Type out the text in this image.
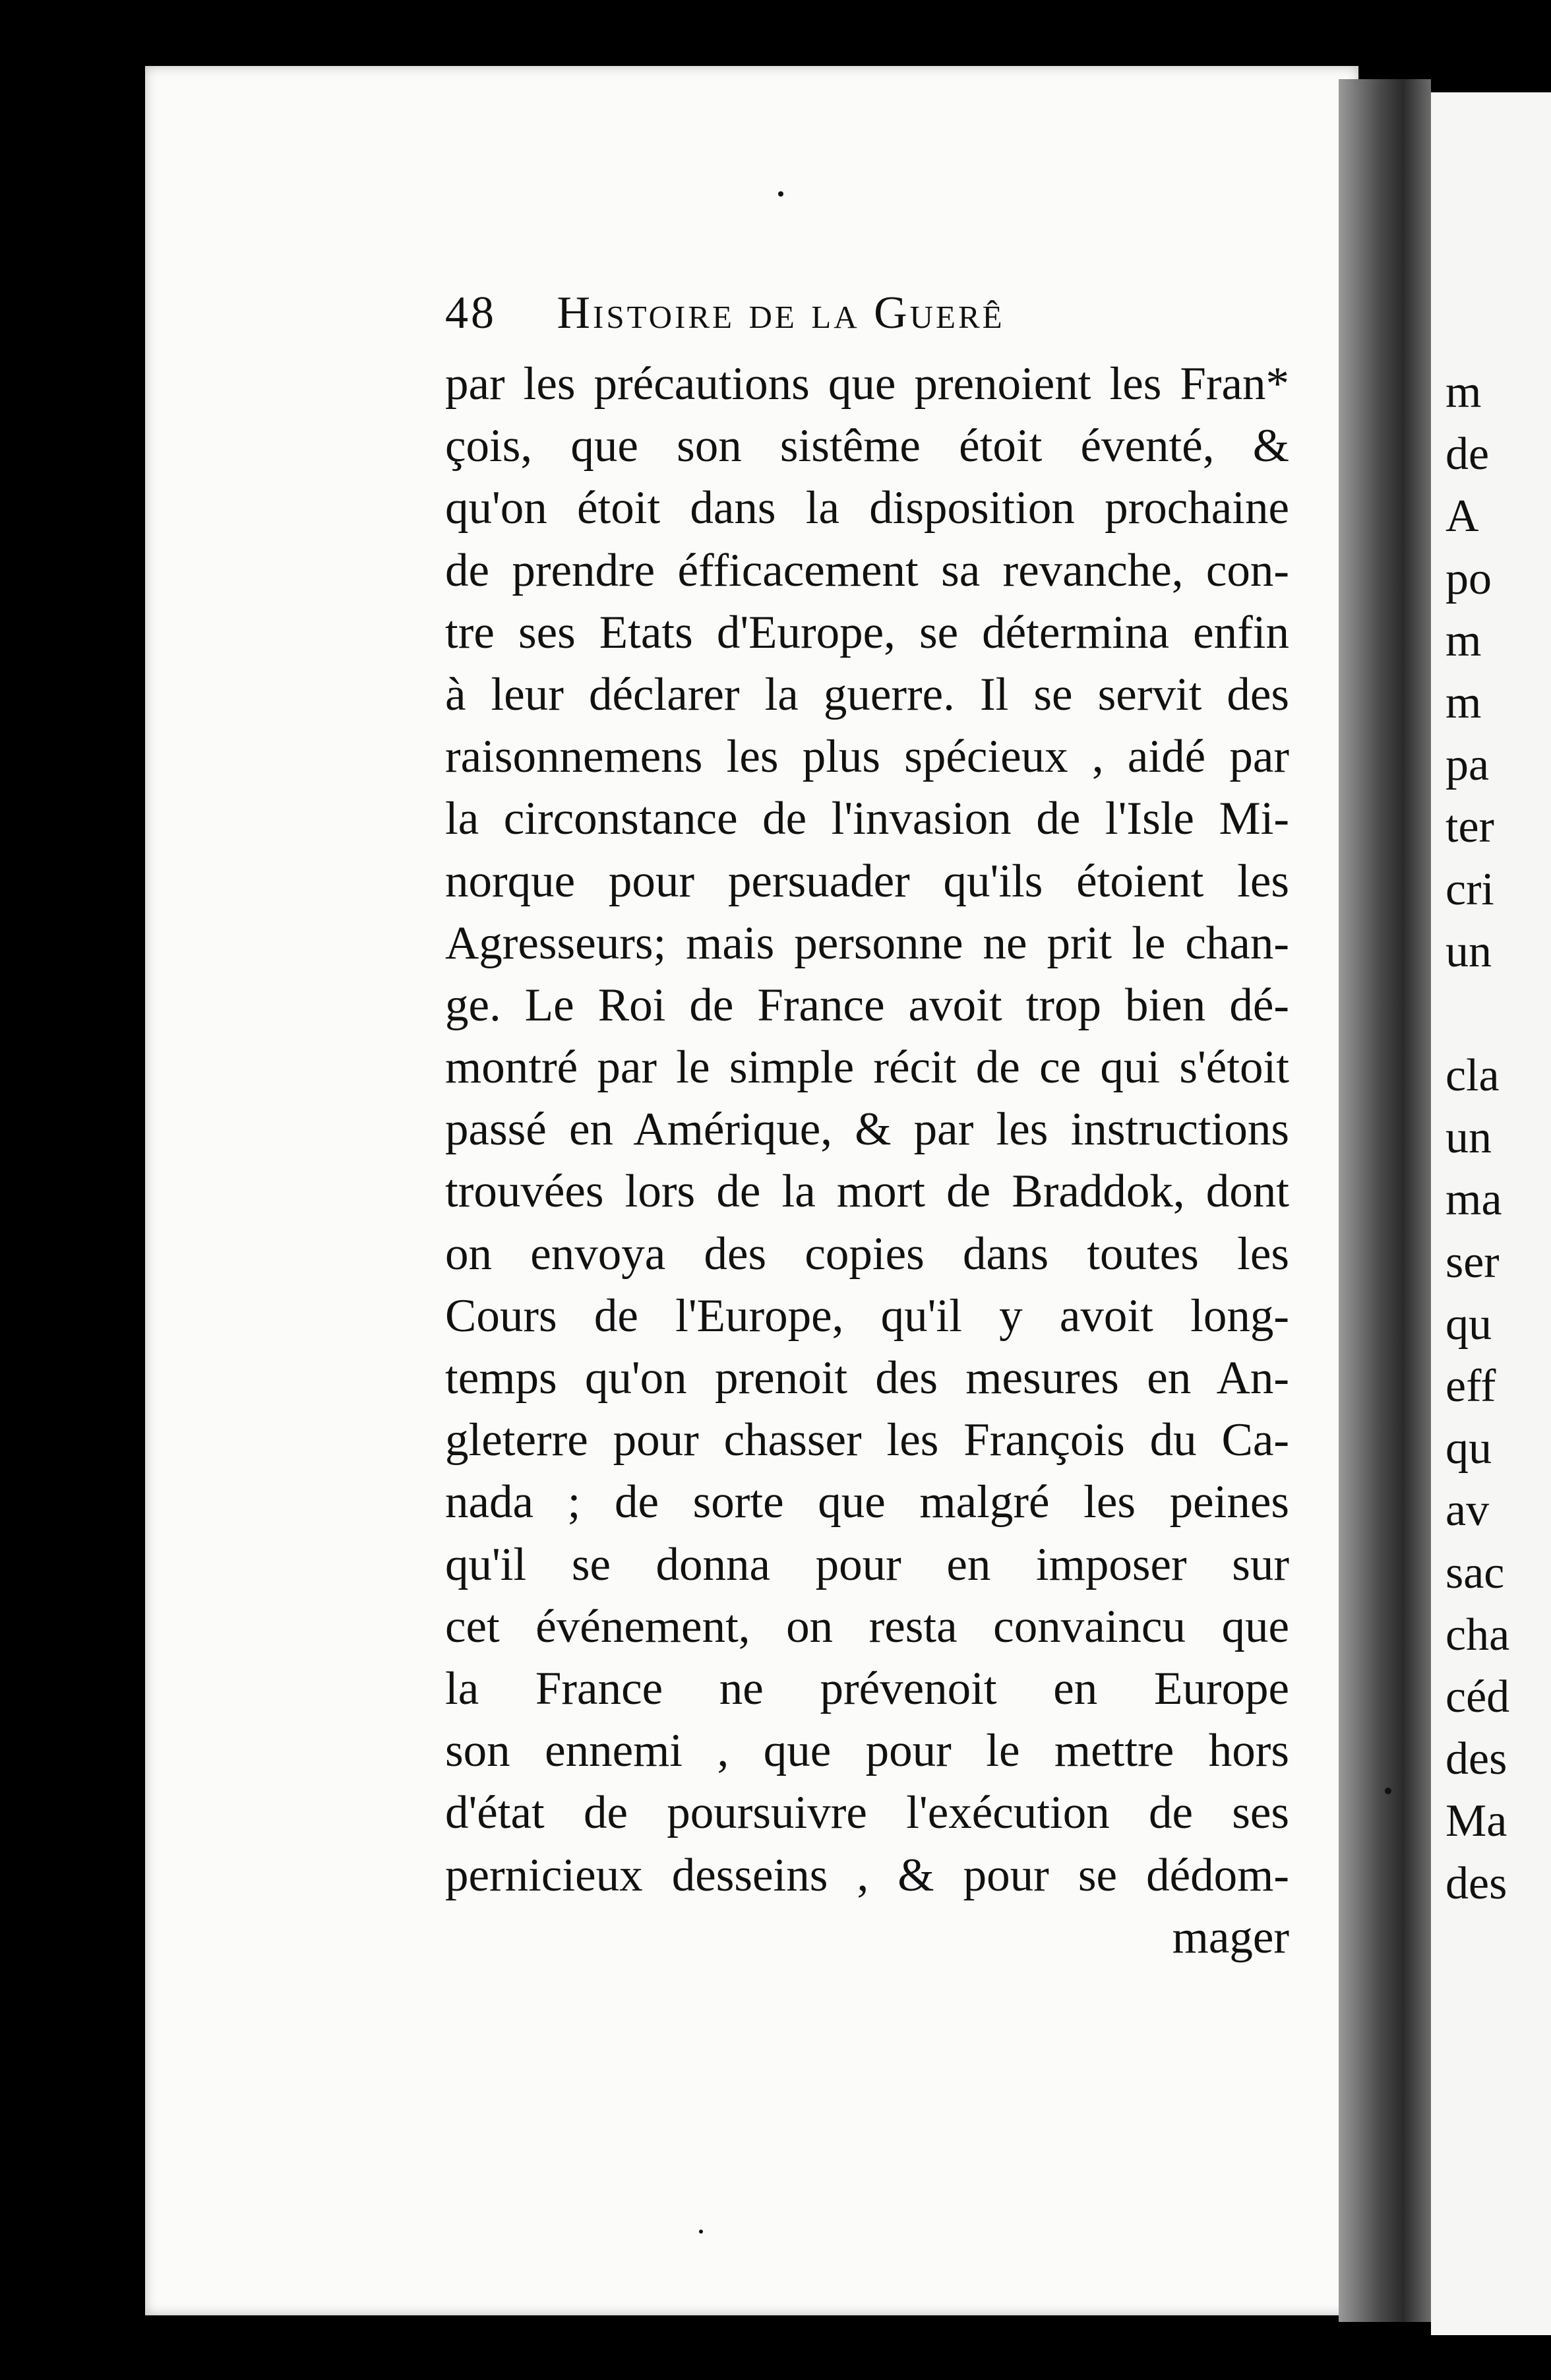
m
de
A
po
m
m
pa
ter
cri
un
cla
un
ma
ser
qu
eff
qu
av
sac
cha
céd
des
Ma
des
48 Histoire de la Guerê
par les précautions que prenoient les Fran*
çois, que son sistême étoit éventé, &
qu'on étoit dans la disposition prochaine
de prendre éfficacement sa revanche, con-
tre ses Etats d'Europe, se détermina enfin
à leur déclarer la guerre. Il se servit des
raisonnemens les plus spécieux , aidé par
la circonstance de l'invasion de l'Isle Mi-
norque pour persuader qu'ils étoient les
Agresseurs; mais personne ne prit le chan-
ge. Le Roi de France avoit trop bien dé-
montré par le simple récit de ce qui s'étoit
passé en Amérique, & par les instructions
trouvées lors de la mort de Braddok, dont
on envoya des copies dans toutes les
Cours de l'Europe, qu'il y avoit long-
temps qu'on prenoit des mesures en An-
gleterre pour chasser les François du Ca-
nada ; de sorte que malgré les peines
qu'il se donna pour en imposer sur
cet événement, on resta convaincu que
la France ne prévenoit en Europe
son ennemi , que pour le mettre hors
d'état de poursuivre l'exécution de ses
pernicieux desseins , & pour se dédom-
mager
